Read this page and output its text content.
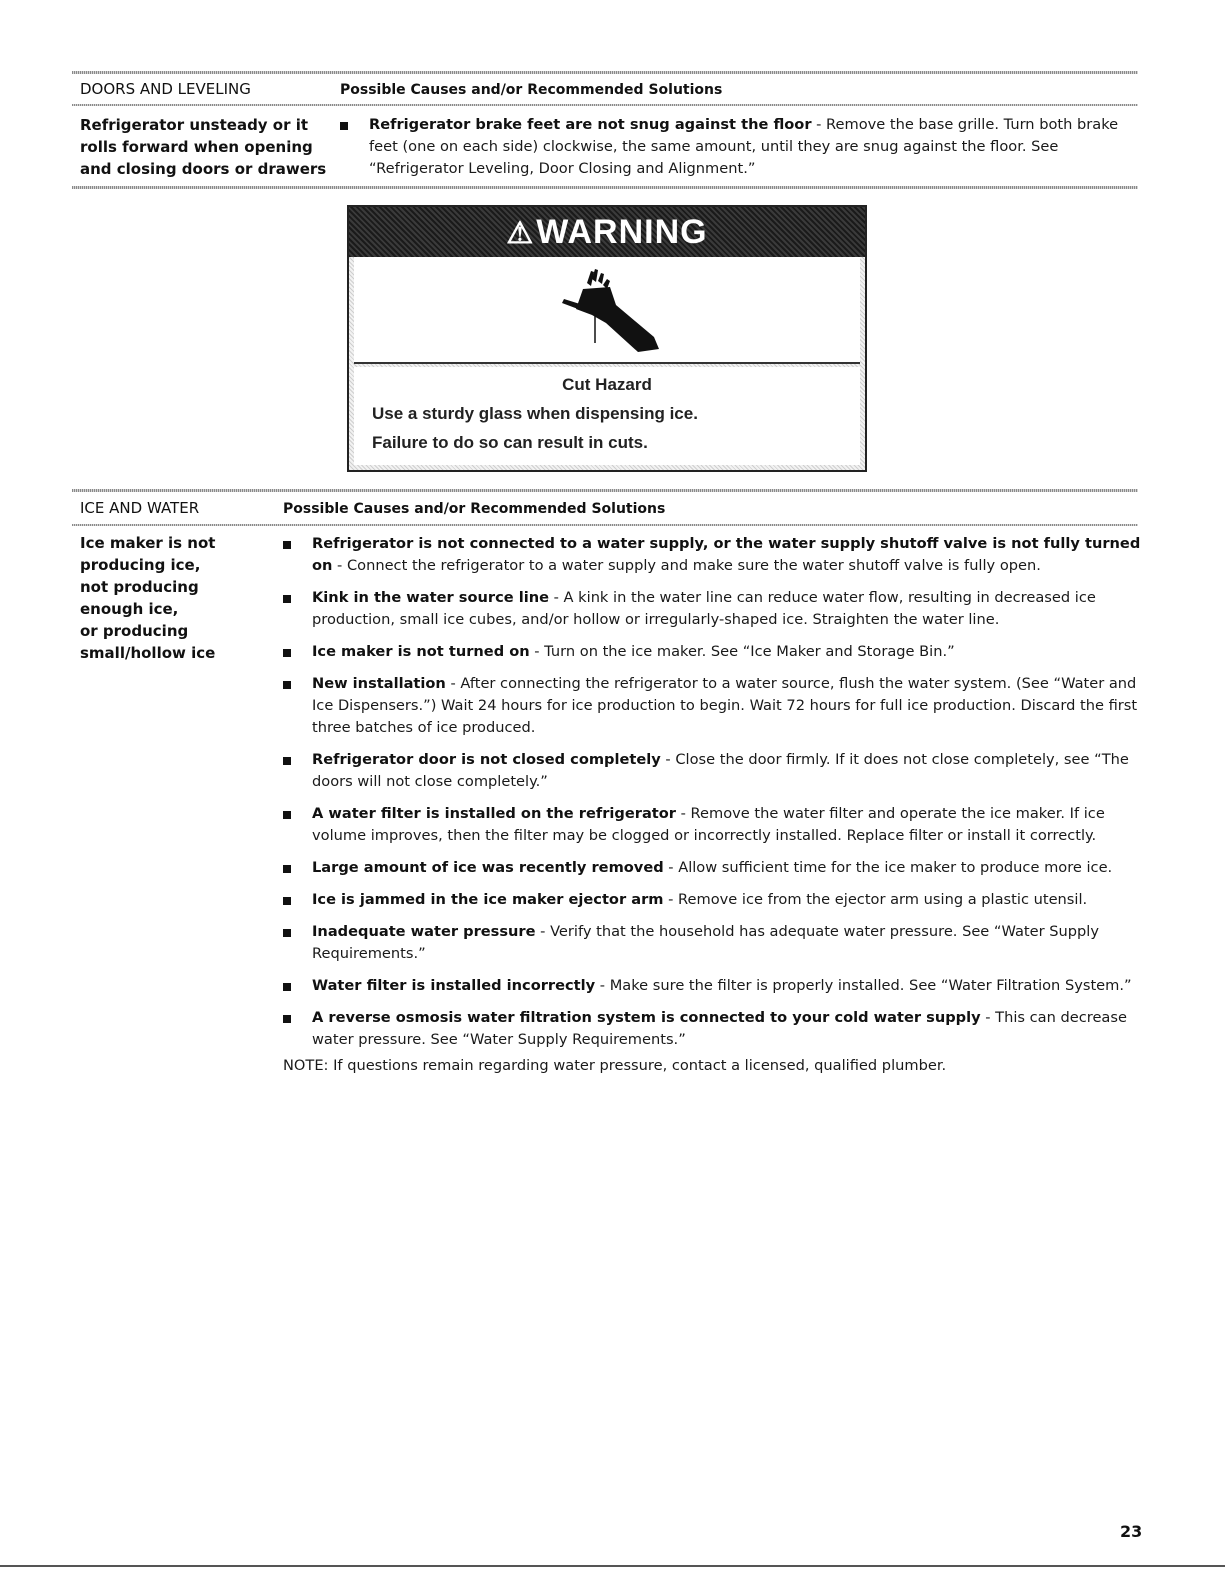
DOORS AND LEVELING	Possible Causes and/or Recommended Solutions
Refrigerator unsteady or it
rolls forward when opening
and closing doors or drawers
Refrigerator brake feet are not snug against the floor - Remove the base grille. Turn both brake feet (one on each side) clockwise, the same amount, until they are snug against the floor. See “Refrigerator Leveling, Door Closing and Alignment.”
⚠WARNING
Cut Hazard
Use a sturdy glass when dispensing ice.
Failure to do so can result in cuts.
ICE AND WATER	Possible Causes and/or Recommended Solutions
Ice maker is not
producing ice,
not producing
enough ice,
or producing
small/hollow ice
Refrigerator is not connected to a water supply, or the water supply shutoff valve is not fully turned on - Connect the refrigerator to a water supply and make sure the water shutoff valve is fully open.
Kink in the water source line - A kink in the water line can reduce water flow, resulting in decreased ice production, small ice cubes, and/or hollow or irregularly-shaped ice. Straighten the water line.
Ice maker is not turned on - Turn on the ice maker. See “Ice Maker and Storage Bin.”
New installation - After connecting the refrigerator to a water source, flush the water system. (See “Water and Ice Dispensers.”) Wait 24 hours for ice production to begin. Wait 72 hours for full ice production. Discard the first three batches of ice produced.
Refrigerator door is not closed completely - Close the door firmly. If it does not close completely, see “The doors will not close completely.”
A water filter is installed on the refrigerator - Remove the water filter and operate the ice maker. If ice volume improves, then the filter may be clogged or incorrectly installed. Replace filter or install it correctly.
Large amount of ice was recently removed - Allow sufficient time for the ice maker to produce more ice.
Ice is jammed in the ice maker ejector arm - Remove ice from the ejector arm using a plastic utensil.
Inadequate water pressure - Verify that the household has adequate water pressure. See “Water Supply Requirements.”
Water filter is installed incorrectly - Make sure the filter is properly installed. See “Water Filtration System.”
A reverse osmosis water filtration system is connected to your cold water supply - This can decrease water pressure. See “Water Supply Requirements.”
NOTE: If questions remain regarding water pressure, contact a licensed, qualified plumber.
23
